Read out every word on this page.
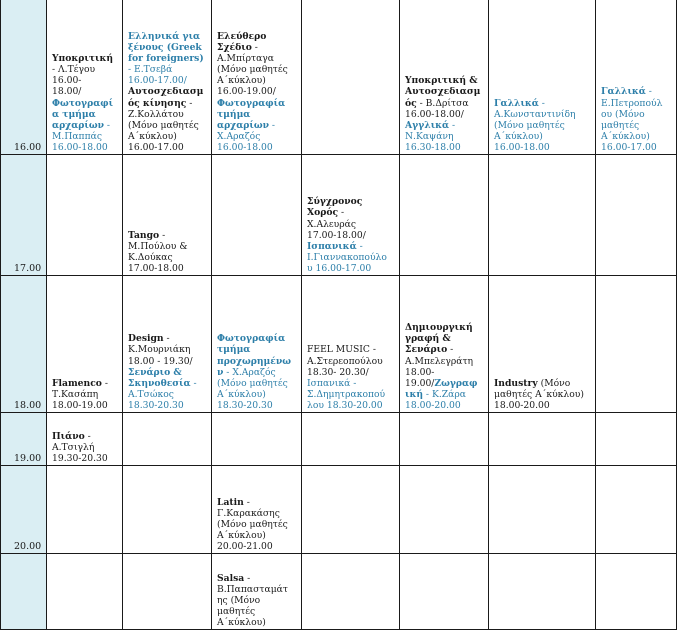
16.00
Υποκριτική
- Λ.Τέγου
16.00-
18.00/
Φωτογραφί
α τμήμα
αρχαρίων -
Μ.Παππάς
16.00-18.00
Ελληνικά για
ξένους (Greek
for foreigners)
- Ε.Τσεβά
16.00-17.00/
Αυτοσχεδιασμ
ός κίνησης -
Ζ.Κολλάτου
(Μόνο μαθητές
Α΄κύκλου)
16.00-17.00
Ελεύθερο
Σχέδιο -
Α.Μπίρταγα
(Μόνο μαθητές
Α΄κύκλου)
16.00-19.00/
Φωτογραφία
τμήμα
αρχαρίων -
Χ.Αραζός
16.00-18.00
Υποκριτική &
Αυτοσχεδιασμ
ός - Β.Δρίτσα
16.00-18.00/
Αγγλικά -
Ν.Καψάνη
16.30-18.00
Γαλλικά -
Α.Κωνσταντινίδη
(Μόνο μαθητές
Α΄κύκλου)
16.00-18.00
Γαλλικά -
Ε.Πετροπούλ
ου (Μόνο
μαθητές
Α΄κύκλου)
16.00-17.00
17.00
Tango -
Μ.Πούλου &
Κ.Δούκας
17.00-18.00
Σύγχρονος
Χορός -
Χ.Αλευράς
17.00-18.00/
Ισπανικά -
Ι.Γιαννακοπούλο
υ 16.00-17.00
18.00
Flamenco -
Τ.Κασάπη
18.00-19.00
Design -
Κ.Μουρνιάκη
18.00 - 19.30/
Σενάριο &
Σκηνοθεσία -
Α.Τσώκος
18.30-20.30
Φωτογραφία
τμήμα
προχωρημένω
ν - Χ.Αραζός
(Μόνο μαθητές
Α΄κύκλου)
18.30-20.30
FEEL MUSIC -
Α.Στερεοπούλου
18.30- 20.30/
Ισπανικά -
Σ.Δημητρακοπού
λου 18.30-20.00
Δημιουργική
γραφή &
Σενάριο -
Α.Μπελεγράτη
18.00-
19.00/Ζωγραφ
ική - Κ.Ζάρα
18.00-20.00
Industry (Μόνο
μαθητές Α΄κύκλου)
18.00-20.00
19.00
Πιάνο -
Α.Τσιγλή
19.30-20.30
20.00
Latin -
Γ.Καρακάσης
(Μόνο μαθητές
Α΄κύκλου)
20.00-21.00
Salsa -
Β.Παπασταμάτ
ης (Μόνο
μαθητές
Α΄κύκλου)
